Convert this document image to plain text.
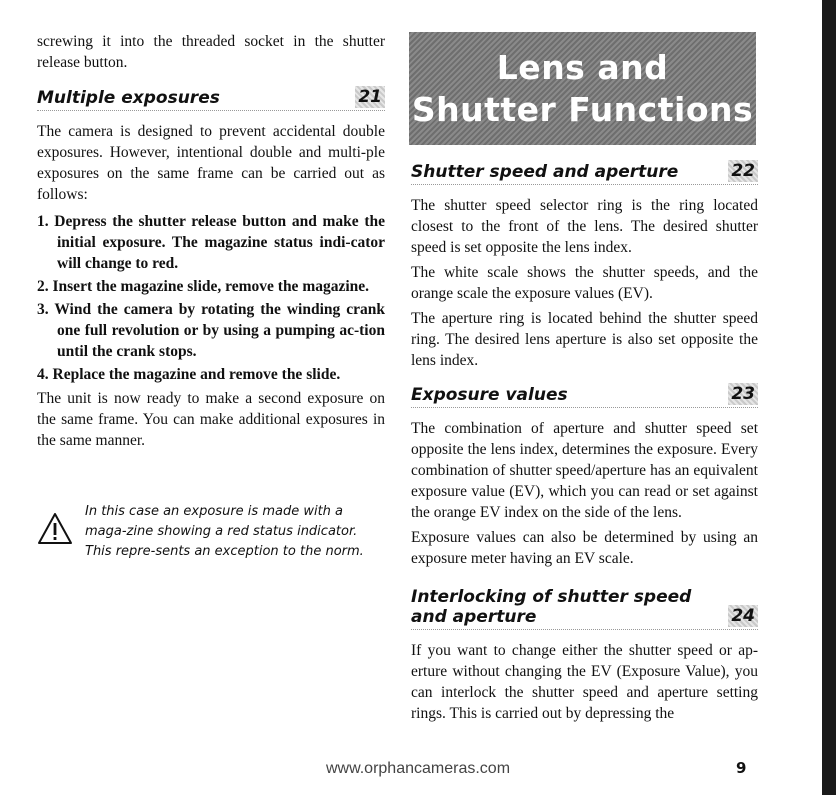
screwing it into the threaded socket in the shutter release button.

Multiple exposures	21

The camera is designed to prevent accidental double exposures. However, intentional double and multi-ple exposures on the same frame can be carried out as follows:

1. Depress the shutter release button and make the initial exposure. The magazine status indi-cator will change to red.
2. Insert the magazine slide, remove the magazine.
3. Wind the camera by rotating the winding crank one full revolution or by using a pumping ac-tion until the crank stops.
4. Replace the magazine and remove the slide.

The unit is now ready to make a second exposure on the same frame. You can make additional exposures in the same manner.

In this case an exposure is made with a maga-zine showing a red status indicator. This repre-sents an exception to the norm.
Lens and
Shutter Functions
Shutter speed and aperture	22

The shutter speed selector ring is the ring located closest to the front of the lens. The desired shutter speed is set opposite the lens index.

The white scale shows the shutter speeds, and the orange scale the exposure values (EV).

The aperture ring is located behind the shutter speed ring. The desired lens aperture is also set opposite the lens index.

Exposure values	23

The combination of aperture and shutter speed set opposite the lens index, determines the exposure. Every combination of shutter speed/aperture has an equivalent exposure value (EV), which you can read or set against the orange EV index on the side of the lens.

Exposure values can also be determined by using an exposure meter having an EV scale.

Interlocking of shutter speed
and aperture	24

If you want to change either the shutter speed or ap-erture without changing the EV (Exposure Value), you can interlock the shutter speed and aperture setting rings. This is carried out by depressing the

www.orphancameras.com	9
